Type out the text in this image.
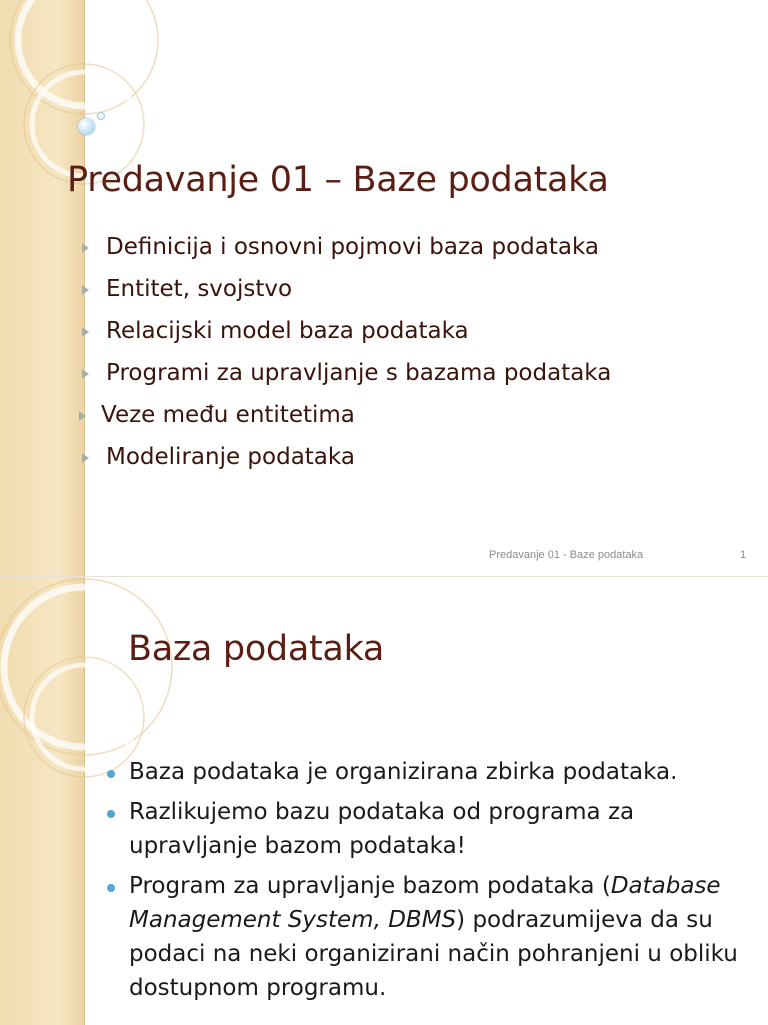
Predavanje 01 – Baze podataka
Definicija i osnovni pojmovi baza podataka
Entitet, svojstvo
Relacijski model baza podataka
Programi za upravljanje s bazama podataka
Veze među entitetima
Modeliranje podataka
Predavanje 01 - Baze podataka	1
Baza podataka
Baza podataka je organizirana zbirka podataka.
Razlikujemo bazu podataka od programa za upravljanje bazom podataka!
Program za upravljanje bazom podataka (Database Management System, DBMS) podrazumijeva da su podaci na neki organizirani način pohranjeni u obliku dostupnom programu.
